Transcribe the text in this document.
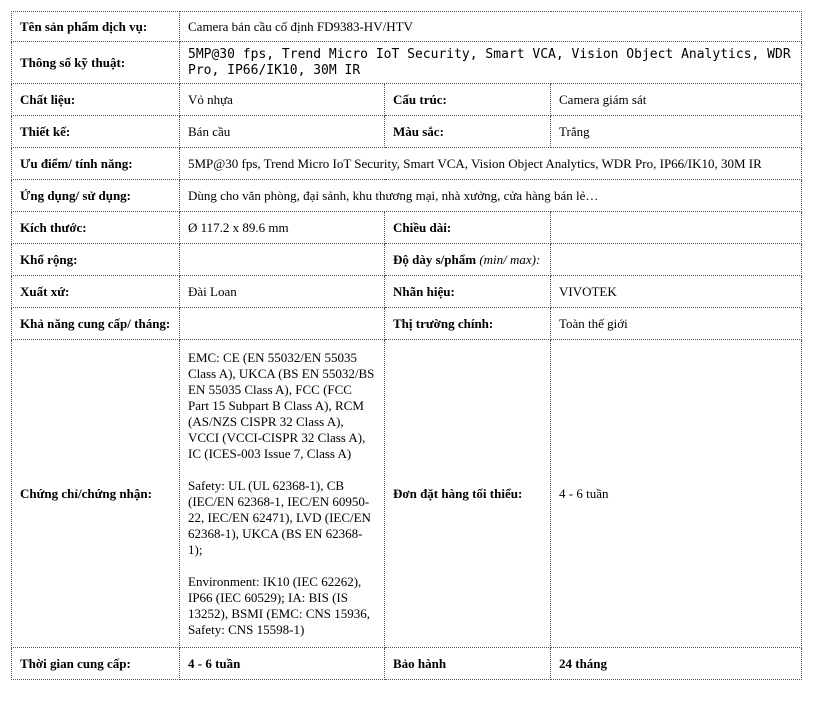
Tên sản phẩm dịch vụ:	Camera bán cầu cố định FD9383-HV/HTV		
Thông số kỹ thuật:	5MP@30 fps, Trend Micro IoT Security, Smart VCA, Vision Object Analytics, WDR Pro, IP66/IK10, 30M IR		
Chất liệu:	Vỏ nhựa	Cấu trúc:	Camera giám sát
Thiết kế:	Bán cầu	Màu sắc:	Trắng
Ưu điểm/ tính năng:	5MP@30 fps, Trend Micro IoT Security, Smart VCA, Vision Object Analytics, WDR Pro, IP66/IK10, 30M IR		
Ứng dụng/ sử dụng:	Dùng cho văn phòng, đại sảnh, khu thương mại, nhà xưởng, cửa hàng bán lẻ…		
Kích thước:	Ø 117.2 x 89.6 mm	Chiều dài:	
Khổ rộng:		Độ dày s/phẩm (min/ max):	
Xuất xứ:	Đài Loan	Nhãn hiệu:	VIVOTEK
Khả năng cung cấp/ tháng:		Thị trường chính:	Toàn thế giới
Chứng chỉ/chứng nhận:	EMC: CE (EN 55032/EN 55035 Class A), UKCA (BS EN 55032/BS EN 55035 Class A), FCC (FCC Part 15 Subpart B Class A), RCM (AS/NZS CISPR 32 Class A), VCCI (VCCI-CISPR 32 Class A), IC (ICES-003 Issue 7, Class A)
Safety: UL (UL 62368-1), CB (IEC/EN 62368-1, IEC/EN 60950-22, IEC/EN 62471), LVD (IEC/EN 62368-1), UKCA (BS EN 62368-1);
Environment: IK10 (IEC 62262), IP66 (IEC 60529); IA: BIS (IS 13252), BSMI (EMC: CNS 15936, Safety: CNS 15598-1)	Đơn đặt hàng tối thiểu:	4 - 6 tuần
Thời gian cung cấp:	4 - 6 tuần	Bảo hành	24 tháng
